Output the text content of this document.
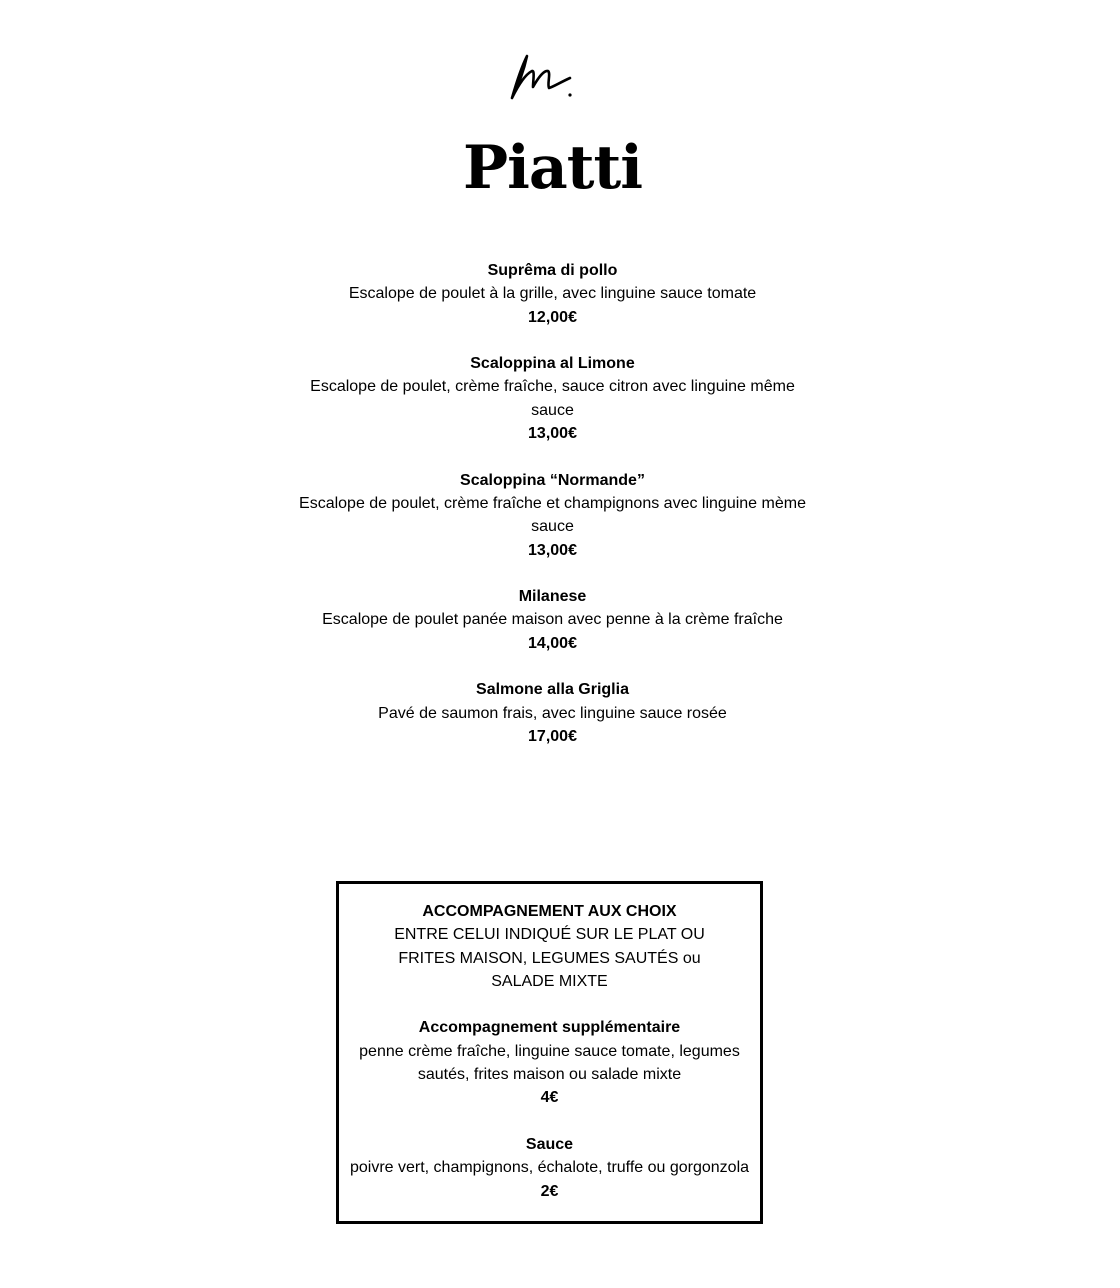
Piatti
Suprêma di pollo
Escalope de poulet à la grille, avec linguine sauce tomate
12,00€
Scaloppina al Limone
Escalope de poulet, crème fraîche, sauce citron avec linguine même sauce
13,00€
Scaloppina “Normande”
Escalope de poulet, crème fraîche et champignons avec linguine mème sauce
13,00€
Milanese
Escalope de poulet panée maison avec penne à la crème fraîche
14,00€
Salmone alla Griglia
Pavé de saumon frais, avec linguine sauce rosée
17,00€
ACCOMPAGNEMENT AUX CHOIX
ENTRE CELUI INDIQUÉ SUR LE PLAT OU FRITES MAISON, LEGUMES SAUTÉS ou SALADE MIXTE
Accompagnement supplémentaire
penne crème fraîche, linguine sauce tomate, legumes sautés, frites maison ou salade mixte
4€
Sauce
poivre vert, champignons, échalote, truffe ou gorgonzola
2€
